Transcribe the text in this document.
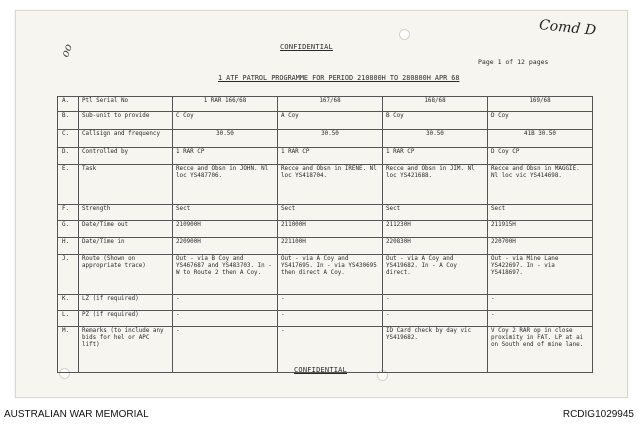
oo
Comd D
CONFIDENTIAL
Page 1 of 12 pages
1 ATF PATROL PROGRAMME FOR PERIOD 210800H TO 280800H APR 68
A.	Ptl Serial No	1 RAR 166/68	167/68	168/68	169/68
B.	Sub-unit to provide	C Coy	A Coy	B Coy	D Coy
C.	Callsign and frequency	30.50	30.50	30.50	41B 30.50
D.	Controlled by	1 RAR CP	1 RAR CP	1 RAR CP	D Coy CP
E.	Task	Recce and Obsn in JOHN. Nl loc YS487706.	Recce and Obsn in IRENE. Nl loc YS418704.	Recce and Obsn in JIM. Nl loc YS421688.	Recce and Obsn in MAGGIE. Nl loc vic YS414698.
F.	Strength	Sect	Sect	Sect	Sect
G.	Date/Time out	210900H	211000H	211230H	211915H
H.	Date/Time in	220900H	221100H	220830H	220700H
J.	Route (Shown on appropriate trace)	Out - via B Coy and YS467687 and YS483703. In - W to Route 2 then A Coy.	Out - via A Coy and YS417695. In - via YS430695 then direct A Coy.	Out - via A Coy and YS419682. In - A Coy direct.	Out - via Mine Lane YS422697. In - via YS418697.
K.	LZ (if required)	-	-	-	-
L.	PZ (if required)	-	-	-	-
M.	Remarks (to include any bids for hel or APC lift)	-	-	ID Card check by day vic YS419682.	V Coy 2 RAR op in close proximity in FAT. LP at ai on South end of mine lane.
CONFIDENTIAL
AUSTRALIAN WAR MEMORIAL	RCDIG1029945
